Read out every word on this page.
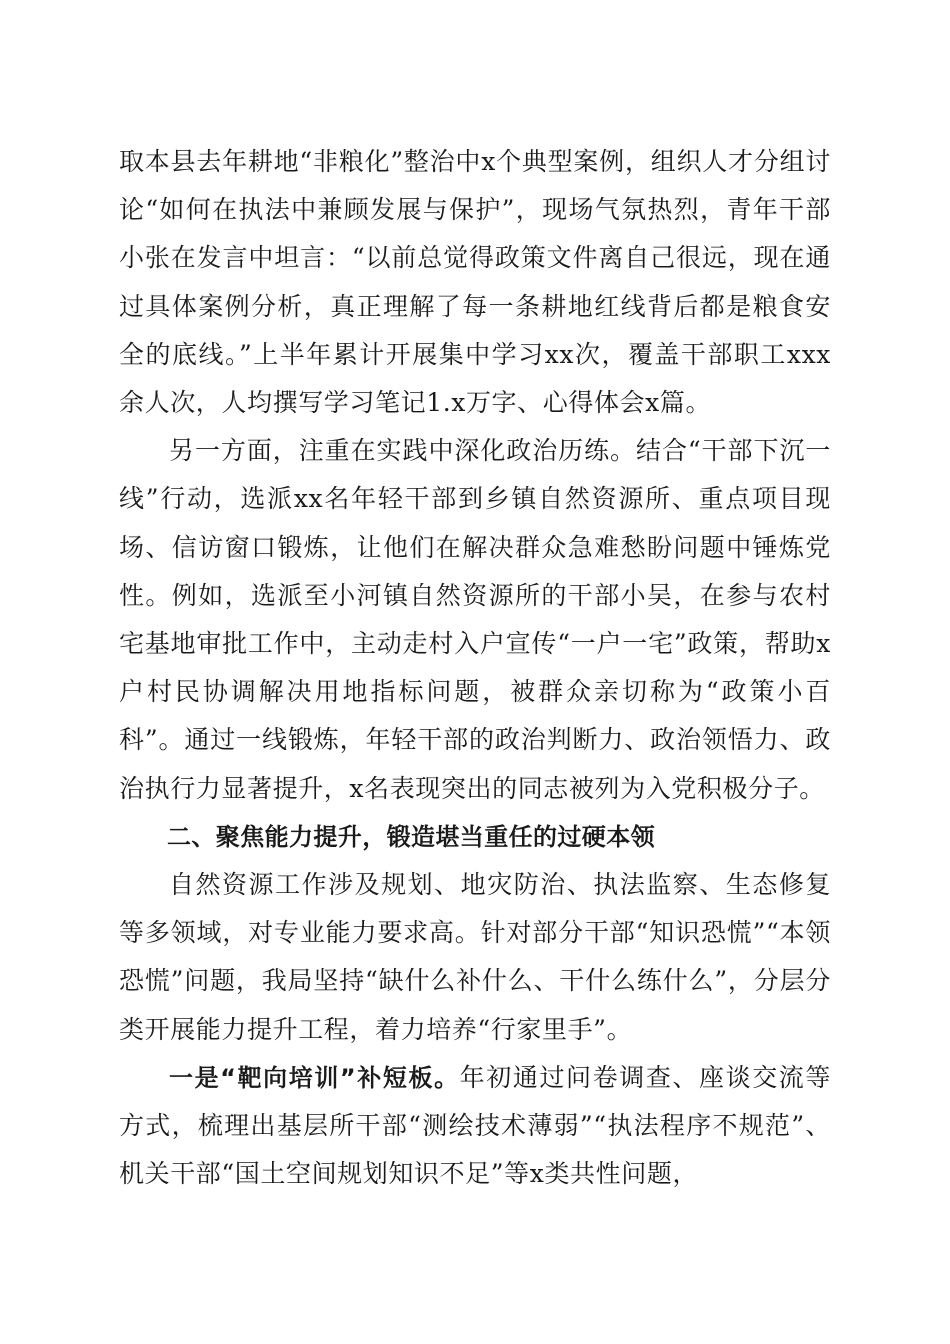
取本县去年耕地“非粮化”整治中x个典型案例，组织人才分组讨论“如何在执法中兼顾发展与保护”，现场气氛热烈，青年干部小张在发言中坦言：“以前总觉得政策文件离自己很远，现在通过具体案例分析，真正理解了每一条耕地红线背后都是粮食安全的底线。”上半年累计开展集中学习xx次，覆盖干部职工xxx余人次，人均撰写学习笔记1.x万字、心得体会x篇。

另一方面，注重在实践中深化政治历练。结合“干部下沉一线”行动，选派xx名年轻干部到乡镇自然资源所、重点项目现场、信访窗口锻炼，让他们在解决群众急难愁盼问题中锤炼党性。例如，选派至小河镇自然资源所的干部小吴，在参与农村宅基地审批工作中，主动走村入户宣传“一户一宅”政策，帮助x户村民协调解决用地指标问题，被群众亲切称为“政策小百科”。通过一线锻炼，年轻干部的政治判断力、政治领悟力、政治执行力显著提升，x名表现突出的同志被列为入党积极分子。

二、聚焦能力提升，锻造堪当重任的过硬本领

自然资源工作涉及规划、地灾防治、执法监察、生态修复等多领域，对专业能力要求高。针对部分干部“知识恐慌”“本领恐慌”问题，我局坚持“缺什么补什么、干什么练什么”，分层分类开展能力提升工程，着力培养“行家里手”。

一是“靶向培训”补短板。年初通过问卷调查、座谈交流等方式，梳理出基层所干部“测绘技术薄弱”“执法程序不规范”、机关干部“国土空间规划知识不足”等x类共性问题，
